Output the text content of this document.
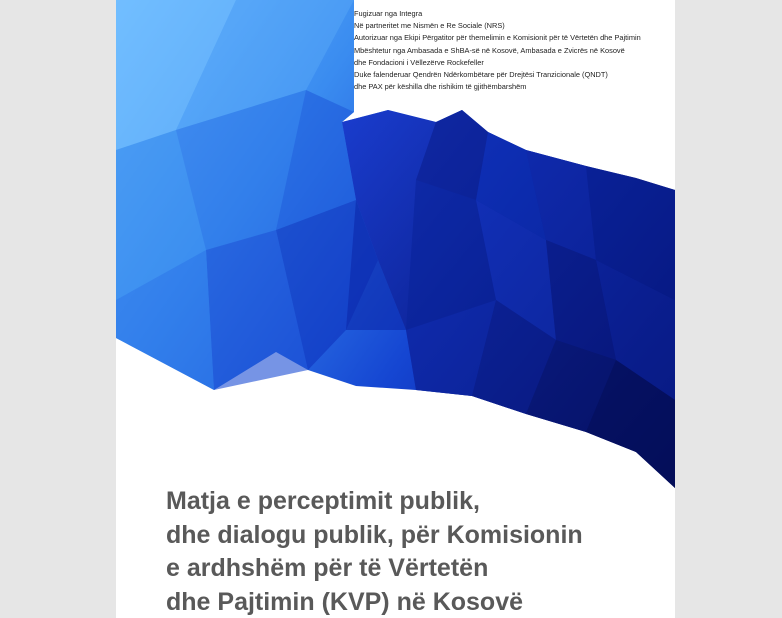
Fugizuar nga Integra
Në partneritet me Nismën e Re Sociale (NRS)
Autorizuar nga Ekipi Përgatitor për themelimin e Komisionit për të Vërtetën dhe Pajtimin
Mbështetur nga Ambasada e ShBA-së në Kosovë, Ambasada e Zvicrës në Kosovë
dhe Fondacioni i Vëllezërve Rockefeller
Duke falenderuar Qendrën Ndërkombëtare për Drejtësi Tranzicionale (QNDT)
dhe PAX për këshilla dhe rishikim të gjithëmbarshëm
Matja e perceptimit publik,
dhe dialogu publik, për Komisionin
e ardhshëm për të Vërtetën
dhe Pajtimin (KVP) në Kosovë
